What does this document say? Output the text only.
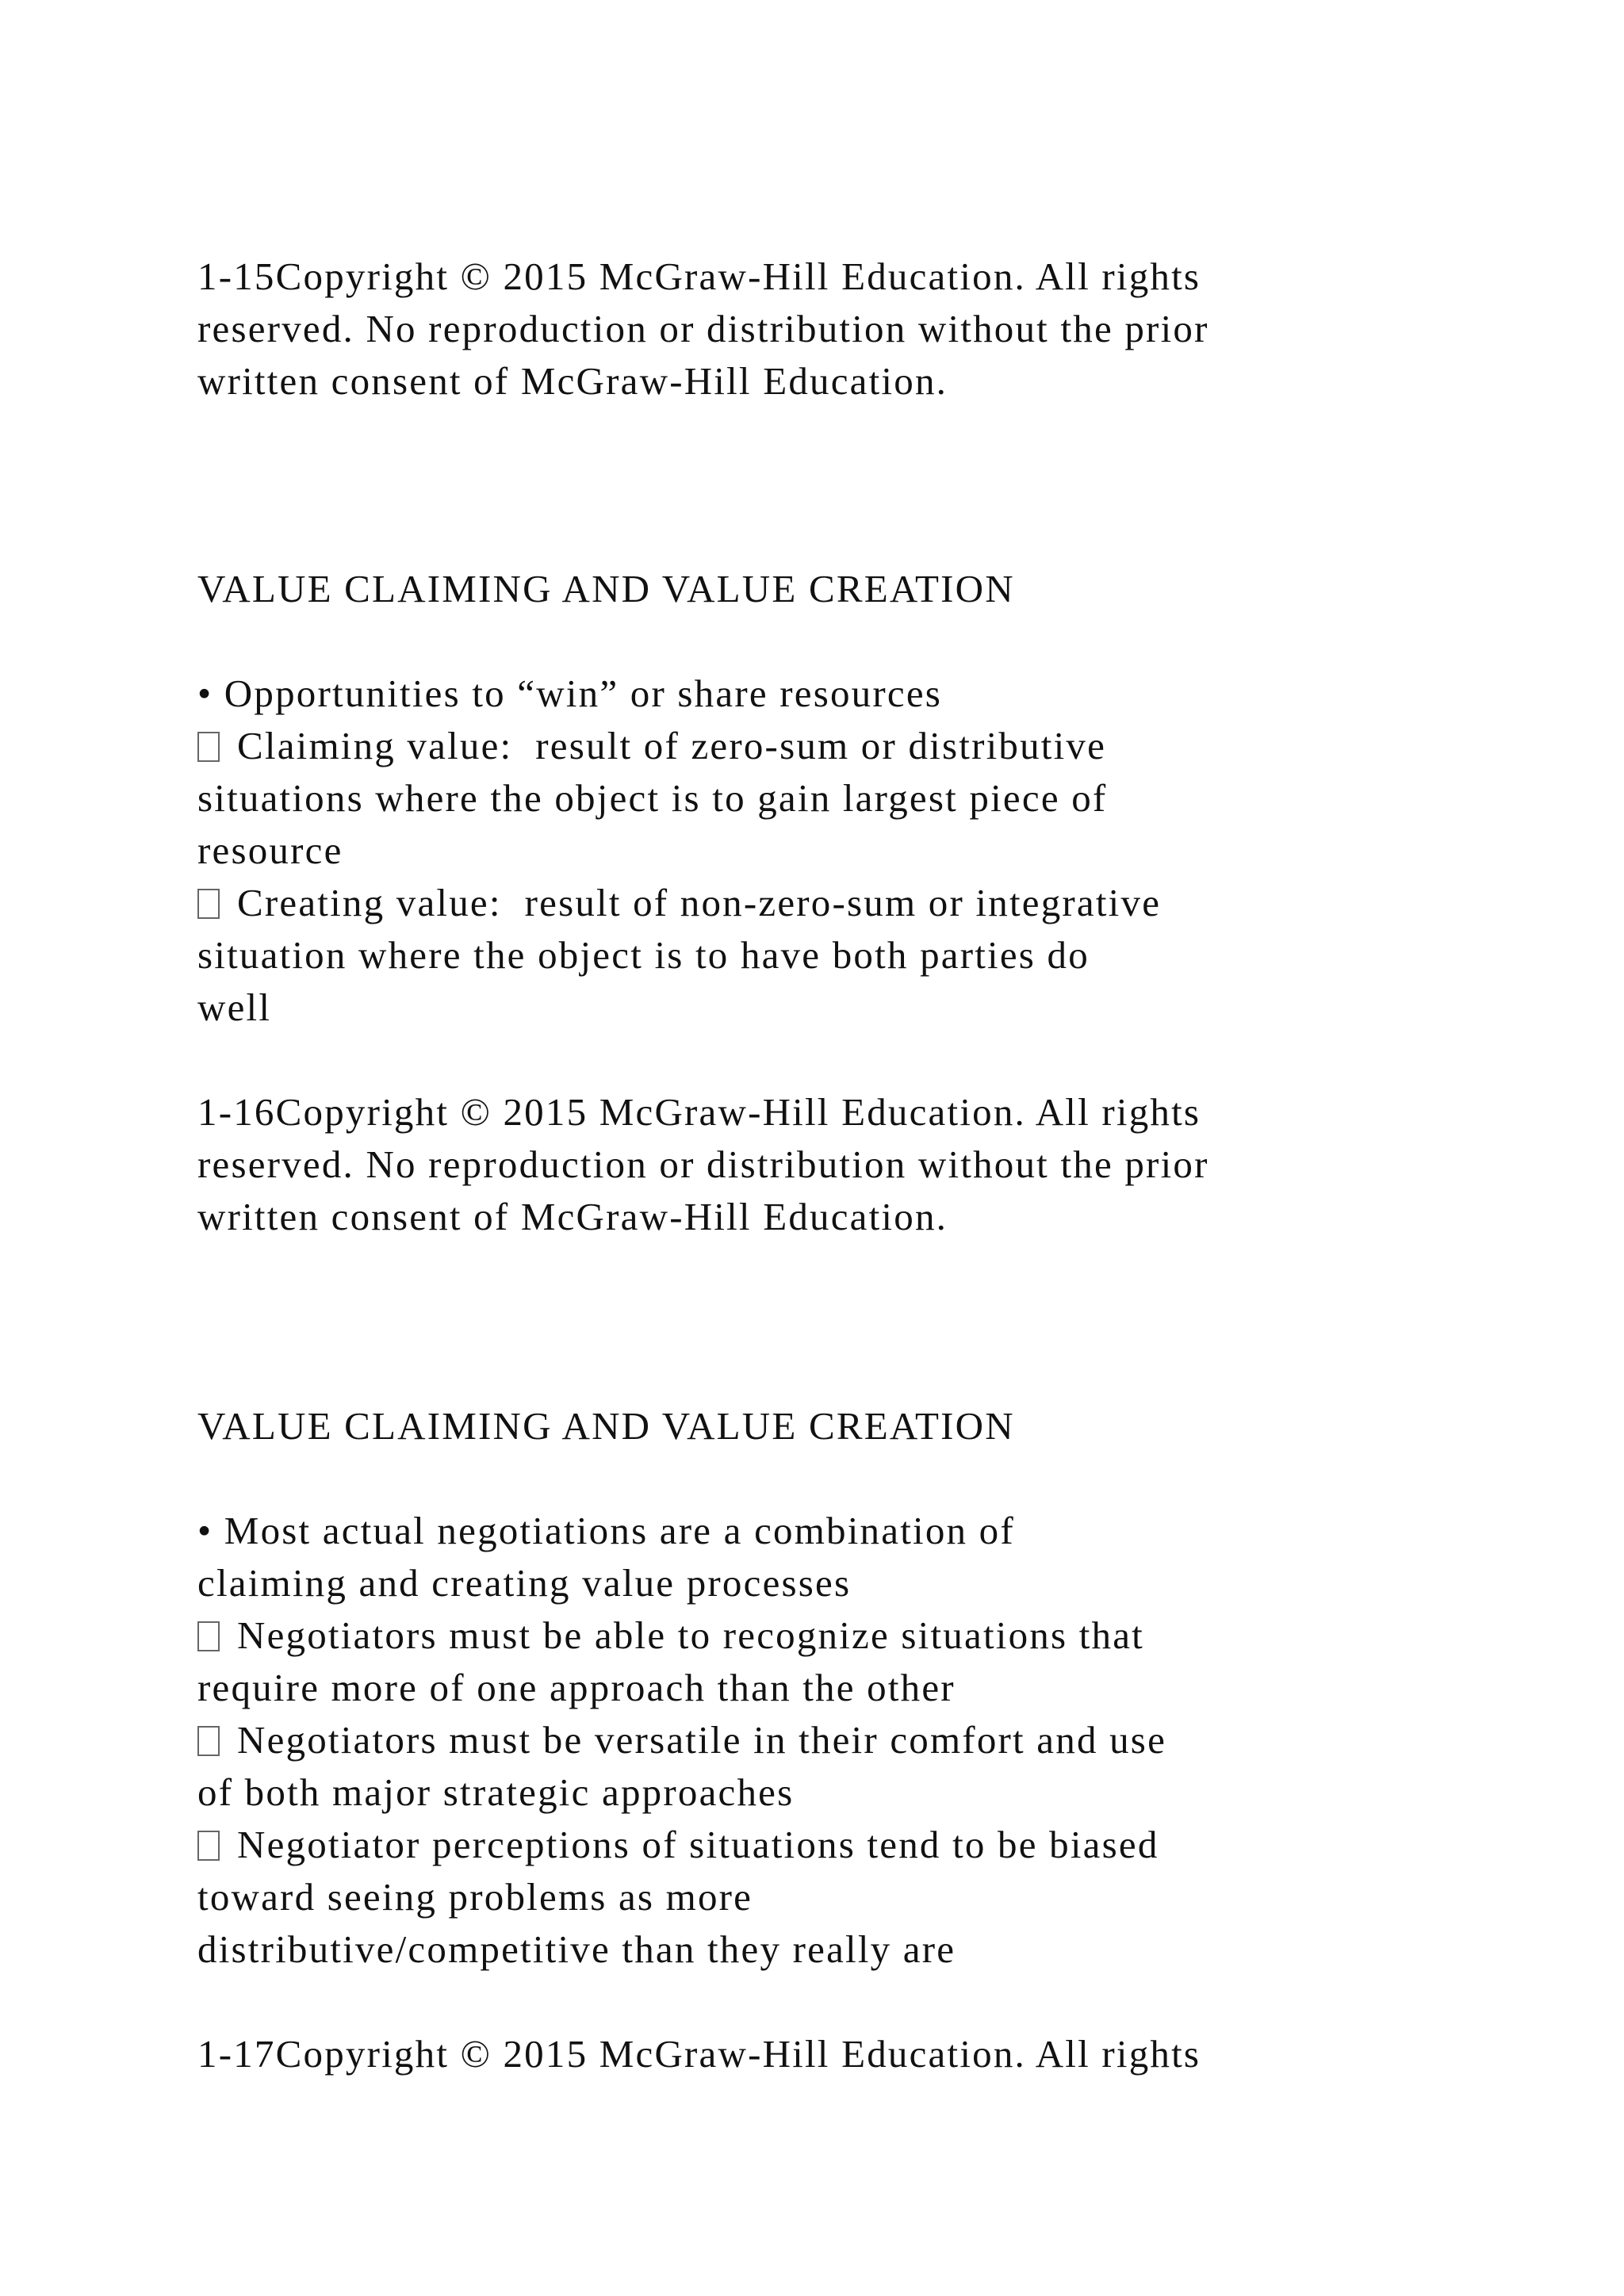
1-15Copyright © 2015 McGraw-Hill Education. All rights
reserved. No reproduction or distribution without the prior
written consent of McGraw-Hill Education.
VALUE CLAIMING AND VALUE CREATION
• Opportunities to “win” or share resources
Claiming value:  result of zero-sum or distributive
situations where the object is to gain largest piece of
resource
Creating value:  result of non-zero-sum or integrative
situation where the object is to have both parties do
well
1-16Copyright © 2015 McGraw-Hill Education. All rights
reserved. No reproduction or distribution without the prior
written consent of McGraw-Hill Education.
VALUE CLAIMING AND VALUE CREATION
• Most actual negotiations are a combination of
claiming and creating value processes
Negotiators must be able to recognize situations that
require more of one approach than the other
Negotiators must be versatile in their comfort and use
of both major strategic approaches
Negotiator perceptions of situations tend to be biased
toward seeing problems as more
distributive/competitive than they really are
1-17Copyright © 2015 McGraw-Hill Education. All rights
